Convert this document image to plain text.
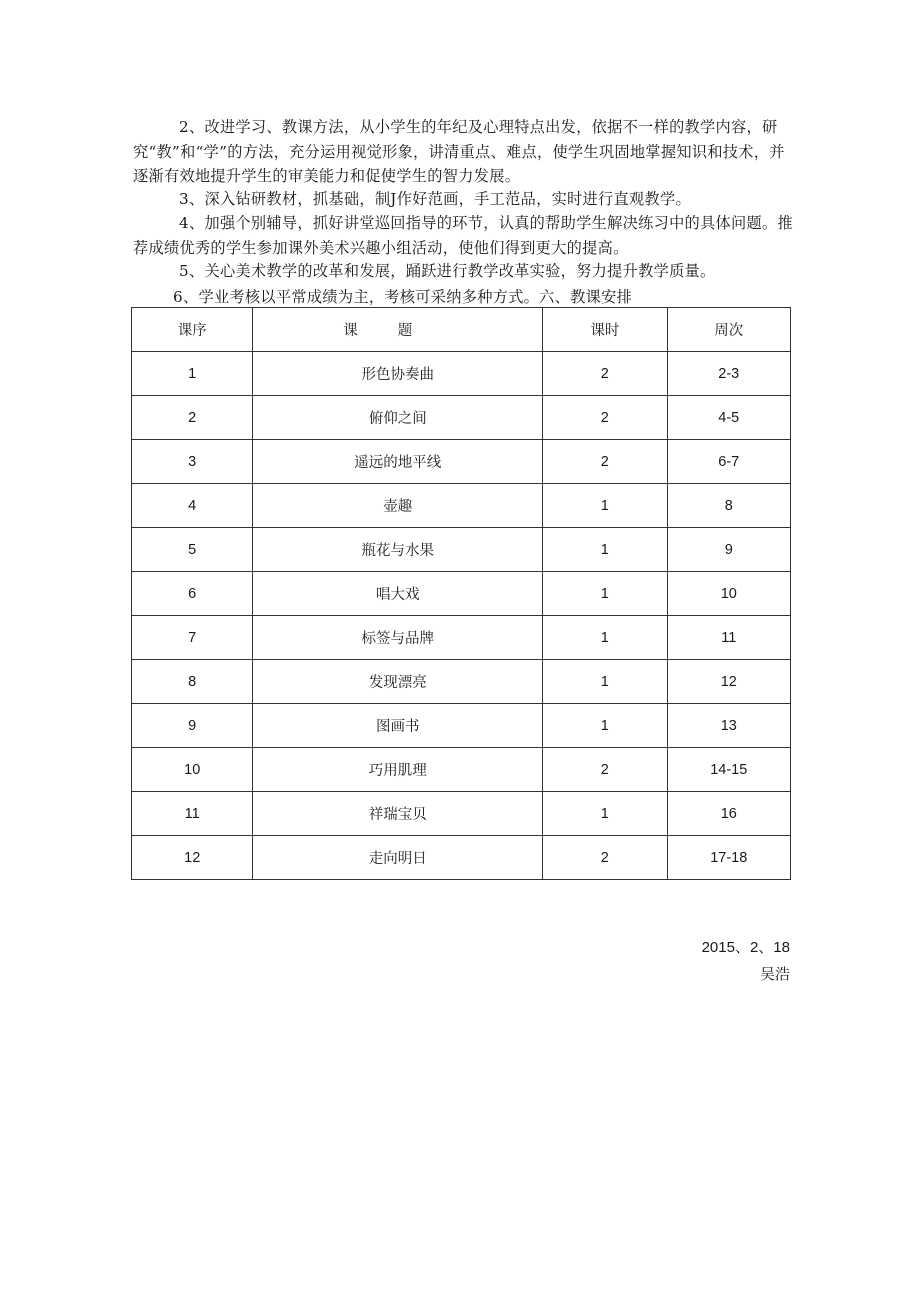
2、改进学习、教课方法，从小学生的年纪及心理特点出发，依据不一样的教学内容，研究“教”和“学”的方法，充分运用视觉形象，讲清重点、难点，使学生巩固地掌握知识和技术，并逐渐有效地提升学生的审美能力和促使学生的智力发展。

3、深入钻研教材，抓基础，制J作好范画，手工范品，实时进行直观教学。

4、加强个别辅导，抓好讲堂巡回指导的环节，认真的帮助学生解决练习中的具体问题。推荐成绩优秀的学生参加课外美术兴趣小组活动，使他们得到更大的提高。

5、关心美术教学的改革和发展，踊跃进行教学改革实验，努力提升教学质量。

6、学业考核以平常成绩为主，考核可采纳多种方式。六、教课安排

课序	课题	课时	周次
1	形色协奏曲	2	2-3
2	俯仰之间	2	4-5
3	遥远的地平线	2	6-7
4	壶趣	1	8
5	瓶花与水果	1	9
6	唱大戏	1	10
7	标签与品牌	1	11
8	发现漂亮	1	12
9	图画书	1	13
10	巧用肌理	2	14-15
11	祥瑞宝贝	1	16
12	走向明日	2	17-18

2015、2、18

吴浩
